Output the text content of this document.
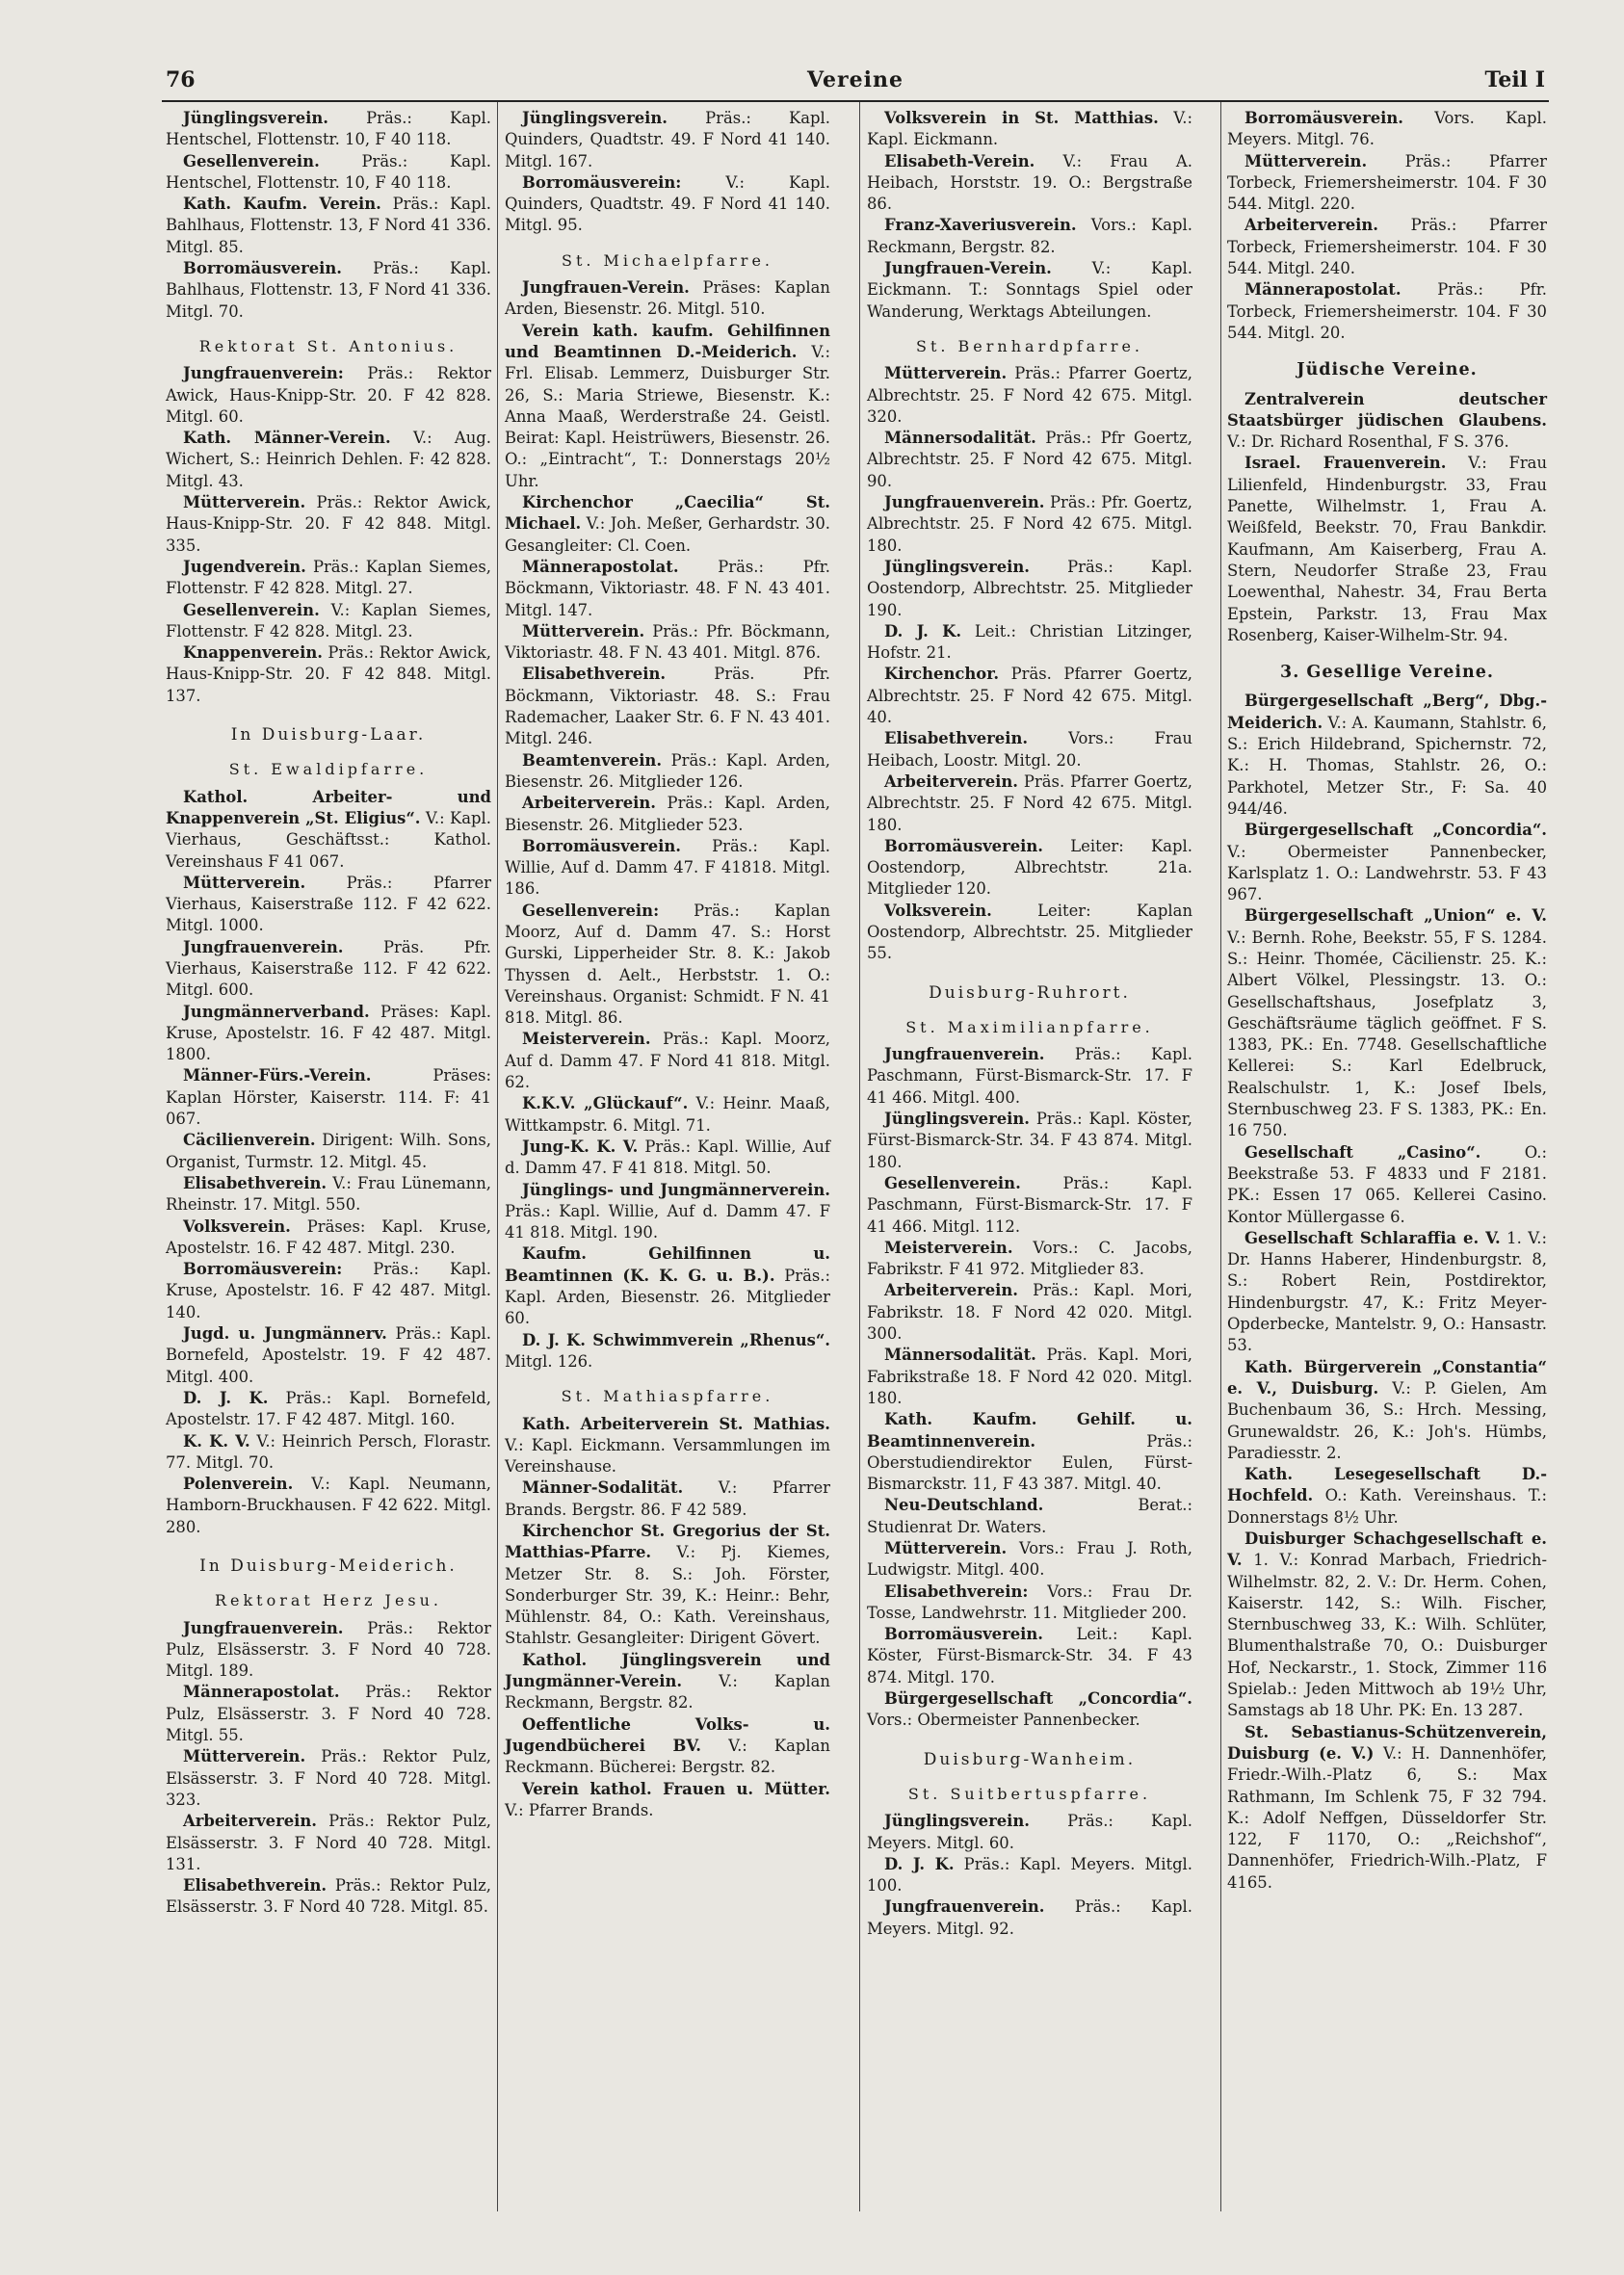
76	Vereine	Teil I

Jünglingsverein. Präs.: Kapl. Hentschel, Flottenstr. 10, F 40 118.

Gesellenverein.	Präs.: Kapl. Hentschel, Flottenstr. 10, F 40 118.

Kath. Kaufm. Verein. Präs.: Kapl. Bahlhaus, Flottenstr. 13, F Nord 41 336. Mitgl. 85.

Borromäusverein. Präs.: Kapl. Bahlhaus, Flottenstr. 13, F Nord 41 336. Mitgl. 70.

Rektorat St. Antonius.

Jungfrauenverein: Präs.: Rektor Awick, Haus-Knipp-Str. 20. F 42 828. Mitgl. 60.

Kath. Männer-Verein. V.: Aug. Wichert, S.: Heinrich Dehlen. F: 42 828. Mitgl. 43.

Mütterverein. Präs.: Rektor Awick, Haus-Knipp-Str. 20. F 42 848. Mitgl. 335.

Jugendverein. Präs.: Kaplan Siemes, Flottenstr. F 42 828. Mitgl. 27.

Gesellenverein. V.: Kaplan Siemes, Flottenstr. F 42 828. Mitgl. 23.

Knappenverein. Präs.: Rektor Awick, Haus-Knipp-Str. 20. F 42 848. Mitgl. 137.

In Duisburg-Laar.
St. Ewaldipfarre.

Kathol. Arbeiter- und Knappenverein „St. Eligius“. V.: Kapl. Vierhaus, Geschäftsst.: Kathol. Vereinshaus F 41 067.

Mütterverein.	Präs.: Pfarrer Vierhaus, Kaiserstraße 112. F 42 622. Mitgl. 1000.

Jungfrauenverein.	Präs. Pfr. Vierhaus, Kaiserstraße 112. F 42 622. Mitgl. 600.

Jungmännerverband. Präses: Kapl. Kruse, Apostelstr. 16. F 42 487. Mitgl. 1800.

Männer-Fürs.-Verein.	Präses: Kaplan Hörster, Kaiserstr. 114. F: 41 067.

Cäcilienverein. Dirigent: Wilh. Sons, Organist, Turmstr. 12. Mitgl. 45.

Elisabethverein. V.: Frau Lünemann, Rheinstr. 17. Mitgl. 550.

Volksverein. Präses: Kapl. Kruse, Apostelstr. 16. F 42 487. Mitgl. 230.

Borromäusverein: Präs.: Kapl. Kruse, Apostelstr. 16. F 42 487. Mitgl. 140.

Jugd. u. Jungmännerv. Präs.: Kapl. Bornefeld, Apostelstr. 19. F 42 487. Mitgl. 400.

D. J. K. Präs.: Kapl. Bornefeld, Apostelstr. 17. F 42 487. Mitgl. 160.

K. K. V. V.: Heinrich Persch, Florastr. 77. Mitgl. 70.

Polenverein. V.: Kapl. Neumann, Hamborn-Bruckhausen. F 42 622. Mitgl. 280.

In Duisburg-Meiderich.
Rektorat Herz Jesu.

Jungfrauenverein. Präs.: Rektor Pulz, Elsässerstr. 3. F Nord 40 728. Mitgl. 189.

Männerapostolat. Präs.: Rektor Pulz, Elsässerstr. 3. F Nord 40 728. Mitgl. 55.

Mütterverein. Präs.: Rektor Pulz, Elsässerstr. 3. F Nord 40 728. Mitgl. 323.

Arbeiterverein. Präs.: Rektor Pulz, Elsässerstr. 3. F Nord 40 728. Mitgl. 131.

Elisabethverein. Präs.: Rektor Pulz, Elsässerstr. 3. F Nord 40 728. Mitgl. 85.

Jünglingsverein. Präs.: Kapl. Quinders, Quadtstr. 49. F Nord 41 140. Mitgl. 167.

Borromäusverein:	V.: Kapl. Quinders, Quadtstr. 49. F Nord 41 140. Mitgl. 95.

St. Michaelpfarre.

Jungfrauen-Verein. Präses: Kaplan Arden, Biesenstr. 26. Mitgl. 510.

Verein kath. kaufm. Gehilfinnen und Beamtinnen D.-Meiderich. V.: Frl. Elisab. Lemmerz, Duisburger Str. 26, S.: Maria Striewe, Biesenstr. K.: Anna Maaß, Werderstraße 24. Geistl. Beirat: Kapl. Heistrüwers, Biesenstr. 26. O.: „Eintracht“, T.: Donnerstags 20½ Uhr.

Kirchenchor „Caecilia“ St. Michael. V.: Joh. Meßer, Gerhardstr. 30. Gesangleiter: Cl. Coen.

Männerapostolat. Präs.: Pfr. Böckmann, Viktoriastr. 48. F N. 43 401. Mitgl. 147.

Mütterverein. Präs.: Pfr. Böckmann, Viktoriastr. 48. F N. 43 401. Mitgl. 876.

Elisabethverein.	Präs. Pfr. Böckmann, Viktoriastr. 48. S.: Frau Rademacher, Laaker Str. 6. F N. 43 401. Mitgl. 246.

Beamtenverein. Präs.: Kapl. Arden, Biesenstr. 26. Mitglieder 126.

Arbeiterverein. Präs.: Kapl. Arden, Biesenstr. 26. Mitglieder 523.

Borromäusverein. Präs.: Kapl. Willie, Auf d. Damm 47. F 41818. Mitgl. 186.

Gesellenverein: Präs.: Kaplan Moorz, Auf d. Damm 47. S.: Horst Gurski, Lipperheider Str. 8. K.: Jakob Thyssen d. Aelt., Herbststr. 1. O.: Vereinshaus. Organist: Schmidt. F N. 41 818. Mitgl. 86.

Meisterverein. Präs.: Kapl. Moorz, Auf d. Damm 47. F Nord 41 818. Mitgl. 62.

K.K.V. „Glückauf“. V.: Heinr. Maaß, Wittkampstr. 6. Mitgl. 71.

Jung-K. K. V. Präs.: Kapl. Willie, Auf d. Damm 47. F 41 818. Mitgl. 50.

Jünglings- und Jungmännerverein. Präs.: Kapl. Willie, Auf d. Damm 47. F 41 818. Mitgl. 190.

Kaufm. Gehilfinnen u. Beamtinnen (K. K. G. u. B.). Präs.: Kapl. Arden, Biesenstr. 26. Mitglieder 60.

D. J. K. Schwimmverein „Rhenus“. Mitgl. 126.

St. Mathiaspfarre.

Kath. Arbeiterverein St. Mathias. V.: Kapl. Eickmann. Versammlungen im Vereinshause.

Männer-Sodalität. V.: Pfarrer Brands. Bergstr. 86. F 42 589.

Kirchenchor St. Gregorius der St. Matthias-Pfarre. V.: Pj. Kiemes, Metzer Str. 8. S.: Joh. Förster, Sonderburger Str. 39, K.: Heinr.: Behr, Mühlenstr. 84, O.: Kath. Vereinshaus, Stahlstr. Gesangleiter: Dirigent Gövert.

Kathol. Jünglingsverein und Jungmänner-Verein. V.: Kaplan Reckmann, Bergstr. 82.

Oeffentliche Volks- u. Jugendbücherei BV. V.: Kaplan Reckmann. Bücherei: Bergstr. 82.

Verein kathol. Frauen u. Mütter. V.: Pfarrer Brands.

Volksverein in St. Matthias. V.: Kapl. Eickmann.

Elisabeth-Verein. V.: Frau A. Heibach, Horststr. 19. O.: Bergstraße 86.

Franz-Xaveriusverein. Vors.: Kapl. Reckmann, Bergstr. 82.

Jungfrauen-Verein.	V.: Kapl. Eickmann. T.: Sonntags Spiel oder Wanderung, Werktags Abteilungen.

St. Bernhardpfarre.

Mütterverein. Präs.: Pfarrer Goertz, Albrechtstr. 25. F Nord 42 675. Mitgl. 320.

Männersodalität. Präs.: Pfr Goertz, Albrechtstr. 25. F Nord 42 675. Mitgl. 90.

Jungfrauenverein. Präs.: Pfr. Goertz, Albrechtstr. 25. F Nord 42 675. Mitgl. 180.

Jünglingsverein. Präs.: Kapl. Oostendorp, Albrechtstr. 25. Mitglieder 190.

D. J. K. Leit.: Christian Litzinger, Hofstr. 21.

Kirchenchor. Präs. Pfarrer Goertz, Albrechtstr. 25. F Nord 42 675. Mitgl. 40.

Elisabethverein.	Vors.: Frau Heibach, Loostr. Mitgl. 20.

Arbeiterverein. Präs. Pfarrer Goertz, Albrechtstr. 25. F Nord 42 675. Mitgl. 180.

Borromäusverein. Leiter: Kapl. Oostendorp, Albrechtstr. 21a. Mitglieder 120.

Volksverein.	Leiter: Kaplan Oostendorp, Albrechtstr. 25. Mitglieder 55.

Duisburg-Ruhrort.
St. Maximilianpfarre.

Jungfrauenverein. Präs.: Kapl. Paschmann, Fürst-Bismarck-Str. 17. F 41 466. Mitgl. 400.

Jünglingsverein. Präs.: Kapl. Köster, Fürst-Bismarck-Str. 34. F 43 874. Mitgl. 180.

Gesellenverein.	Präs.: Kapl. Paschmann, Fürst-Bismarck-Str. 17. F 41 466. Mitgl. 112.

Meisterverein. Vors.: C. Jacobs, Fabrikstr. F 41 972. Mitglieder 83.

Arbeiterverein. Präs.: Kapl. Mori, Fabrikstr. 18. F Nord 42 020. Mitgl. 300.

Männersodalität. Präs. Kapl. Mori, Fabrikstraße 18. F Nord 42 020. Mitgl. 180.

Kath. Kaufm. Gehilf. u. Beamtinnenverein.	Präs.: Oberstudiendirektor Eulen, Fürst-Bismarckstr. 11, F 43 387. Mitgl. 40.

Neu-Deutschland.	Berat.: Studienrat Dr. Waters.

Mütterverein. Vors.: Frau J. Roth, Ludwigstr. Mitgl. 400.

Elisabethverein: Vors.: Frau Dr. Tosse, Landwehrstr. 11. Mitglieder 200.

Borromäusverein. Leit.: Kapl. Köster, Fürst-Bismarck-Str. 34. F 43 874. Mitgl. 170.

Bürgergesellschaft „Concordia“. Vors.: Obermeister Pannenbecker.

Duisburg-Wanheim.
St. Suitbertuspfarre.

Jünglingsverein. Präs.: Kapl. Meyers. Mitgl. 60.

D. J. K. Präs.: Kapl. Meyers. Mitgl. 100.

Jungfrauenverein. Präs.: Kapl. Meyers. Mitgl. 92.

Borromäusverein. Vors. Kapl. Meyers. Mitgl. 76.

Mütterverein. Präs.: Pfarrer Torbeck, Friemersheimerstr. 104. F 30 544. Mitgl. 220.

Arbeiterverein. Präs.: Pfarrer Torbeck, Friemersheimerstr. 104. F 30 544. Mitgl. 240.

Männerapostolat. Präs.: Pfr. Torbeck, Friemersheimerstr. 104. F 30 544. Mitgl. 20.

Jüdische Vereine.

Zentralverein deutscher Staatsbürger jüdischen Glaubens. V.: Dr. Richard Rosenthal, F S. 376.

Israel. Frauenverein. V.: Frau Lilienfeld, Hindenburgstr. 33, Frau Panette, Wilhelmstr. 1, Frau A. Weißfeld, Beekstr. 70, Frau Bankdir. Kaufmann, Am Kaiserberg, Frau A. Stern, Neudorfer Straße 23, Frau Loewenthal, Nahestr. 34, Frau Berta Epstein, Parkstr. 13, Frau Max Rosenberg, Kaiser-Wilhelm-Str. 94.

3. Gesellige Vereine.

Bürgergesellschaft „Berg“, Dbg.-Meiderich. V.: A. Kaumann, Stahlstr. 6, S.: Erich Hildebrand, Spichernstr. 72, K.: H. Thomas, Stahlstr. 26, O.: Parkhotel, Metzer Str., F: Sa. 40 944/46.

Bürgergesellschaft „Concordia“. V.: Obermeister Pannenbecker, Karlsplatz 1. O.: Landwehrstr. 53. F 43 967.

Bürgergesellschaft „Union“ e. V. V.: Bernh. Rohe, Beekstr. 55, F S. 1284. S.: Heinr. Thomée, Cäcilienstr. 25. K.: Albert Völkel, Plessingstr. 13. O.: Gesellschaftshaus, Josefplatz 3, Geschäftsräume täglich geöffnet. F S. 1383, PK.: En. 7748. Gesellschaftliche Kellerei: S.: Karl Edelbruck, Realschulstr. 1, K.: Josef Ibels, Sternbuschweg 23. F S. 1383, PK.: En. 16 750.

Gesellschaft „Casino“.	O.: Beekstraße 53. F 4833 und F 2181. PK.: Essen 17 065. Kellerei Casino. Kontor Müllergasse 6.

Gesellschaft Schlaraffia e. V. 1. V.: Dr. Hanns Haberer, Hindenburgstr. 8, S.: Robert Rein, Postdirektor, Hindenburgstr. 47, K.: Fritz Meyer-Opderbecke, Mantelstr. 9, O.: Hansastr. 53.

Kath. Bürgerverein „Constantia“ e. V., Duisburg. V.: P. Gielen, Am Buchenbaum 36, S.: Hrch. Messing, Grunewaldstr. 26, K.: Joh's. Hümbs, Paradiesstr. 2.

Kath. Lesegesellschaft D.-Hochfeld. O.: Kath. Vereinshaus. T.: Donnerstags 8½ Uhr.

Duisburger Schachgesellschaft e. V. 1. V.: Konrad Marbach, Friedrich-Wilhelmstr. 82, 2. V.: Dr. Herm. Cohen, Kaiserstr. 142, S.: Wilh. Fischer, Sternbuschweg 33, K.: Wilh. Schlüter, Blumenthalstraße 70, O.: Duisburger Hof, Neckarstr., 1. Stock, Zimmer 116 Spielab.: Jeden Mittwoch ab 19½ Uhr, Samstags ab 18 Uhr. PK: En. 13 287.

St. Sebastianus-Schützenverein, Duisburg (e. V.) V.: H. Dannenhöfer, Friedr.-Wilh.-Platz 6, S.: Max Rathmann, Im Schlenk 75, F 32 794. K.: Adolf Neffgen, Düsseldorfer Str. 122, F 1170, O.: „Reichshof“, Dannenhöfer, Friedrich-Wilh.-Platz, F 4165.
